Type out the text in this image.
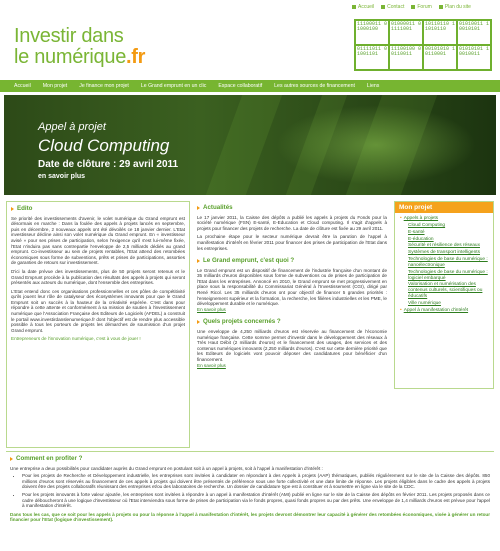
Investir dans
le numérique.fr
Accueil	Contact	Forum	Plan du site
11100011 01000100
01000011 01111001
10110110 11010110
01010011 10010101
01111011 01001101
11100100 00110011
00101010 10110001
01010101 10010011
Accueil	Mon projet	Je finance mon projet	Le Grand emprunt en un clic	Espace collaboratif	Les autres sources de financement	Liens
Appel à projet
Cloud Computing
Date de clôture : 29 avril 2011
en savoir plus
Edito

Se priorité des investissements d'avenir, le volet numérique du Grand emprunt est désormais en marche : Dans la foulée des appels à projets lancés en septembre, puis en décembre, 2 nouveaux appels ont été dévoilés ce 18 janvier dernier. L'Etat investisseur décline ainsi son volet numérique du Grand emprunt. En « investisseur avisé » pour ses prises de participation, selon l'exigence qu'il s'est lui-même fixée, l'Etat n'induira pas sans contrepartie l'enveloppe de 2,5 milliards dédiés au grand emprunt. Co-investisseur au sein de projets rentables, l'Etat attend des retombées économiques sous forme de subventions, prêts et prises de participations, assorties de garanties de retours sur investissement.

D'ici la date prévue des investissements, plus de 50 projets seront retenus et le Grand Emprunt procède à la publication des résultats des appels à projets qui seront présentés aux acteurs du numérique, dont l'ensemble des entreprises.

L'Etat entend donc ces organisations professionnelles et ces pôles de compétitivité qu'ils jouent leur rôle de catalyseur des écosystèmes innovants pour que le Grand Emprunt soit un succès à la hauteur de la créativité espérée. C'est dans pour répondre à cette attente et conformément à sa mission de soutien à l'investissement numérique que l'Association Française des Editeurs de Logiciels (AFDEL) a construit le portail www.investirdanslenumerique.fr dont l'objectif est de rendre plus accessible possible à tous les porteurs de projets les démarches de soumission d'un projet Grand emprunt.

Entrepreneurs de l'innovation numérique, c'est à vous de jouer !

Actualités

Le 17 janvier 2011, la Caisse des dépôts a publié les appels à projets du Fonds pour la société numérique (FSN) E-santé, E-Education et Cloud computing. Il s'agit d'appels à projets pour financer des projets de recherche. La date de clôture est fixée au 29 avril 2011.

La prochaine étape pour le secteur numérique devrait être la parution de l'appel à manifestation d'intérêt en février 2011 pour financer des prises de participation de l'Etat dans les entreprises.

Le Grand emprunt, c'est quoi ?

Le Grand emprunt est un dispositif de financement de l'industrie française d'un montant de 35 milliards d'euros disponibles sous forme de subventions ou de prises de participation de l'Etat dans les entreprises. Annoncé en 2010, le Grand emprunt se met progressivement en place sous la responsabilité du Commissariat Général à l'Investissement (CGI), dirigé par René Ricol. Les 35 milliards d'euros ont pour objectif de financer 5 grandes priorités : l'enseignement supérieur et la formation, la recherche, les filières industrielles et les PME, le développement durable et le numérique.

En savoir plus
Quels projets concernés ?

Une enveloppe de 4,250 milliards d'euros est réservée au financement de l'économie numérique française. Cette somme permet d'investir dans le développement des réseaux à Très Haut Débit (2 milliards d'euros) et le financement des usages, des services et des contenus numériques innovants (2,250 milliards d'euros). C'est sur cette dernière priorité que les Editeurs de logiciels vont pouvoir déposer des candidatures pour bénéficier d'un financement.

En savoir plus
Mon projet
• Appels à projets
Cloud Computing
E-santé
E-éducation
Sécurité et résilience des réseaux
Systèmes de transport intelligents
Technologies de base du numérique : nanoélectronique
Technologies de base du numérique : logiciel embarqué
Valorisation et numérisation des contenus culturels, scientifiques ou éducatifs
Ville numérique
• Appel à manifestation d'intérêt
Comment en profiter ?

Une entreprise a deux possibilités pour candidater auprès du Grand emprunt en postulant soit à un appel à projets, soit à l'appel à manifestation d'intérêt :

• Pour les projets de Recherche et Développement industrielle, les entreprises sont invitées à candidater en répondant à des Appels à projets (AAP) thématiques, publiés régulièrement sur le site de la Caisse des dépôts. 850 millions d'euros sont réservés au financement de ces appels à projets qui doivent être présentés de préférence sous une forte collectivité et une date limite de réponse. Les projets éligibles dans le cadre des appels à projets doivent être des projets collaboratifs réunissant des entreprises et/ou des laboratoires de recherche. Un dossier de candidature type est à constituer et à soumettre en ligne via le site de la CDC.
• Pour les projets innovants à forte valeur ajoutée, les entreprises sont invitées à répondre à un appel à manifestation d'intérêt (AMI) publié en ligne sur le site de la Caisse des dépôts en février 2011. Les projets proposés dans ce cadre déboucheront à une logique d'investisseur où l'Etat interviendra sous forme de prises de participation via le fonds propres, quasi fonds propres ou par des prêts. Une enveloppe de 1,4 milliards d'euros est prévue pour l'appel à manifestation d'intérêt.

Dans tous les cas, que ce soit pour les appels à projets ou pour la réponse à l'appel à manifestation d'intérêt, les projets devront démontrer leur capacité à générer des retombées économiques, visée à générer un retour financier pour l'Etat (logique d'investissement).
